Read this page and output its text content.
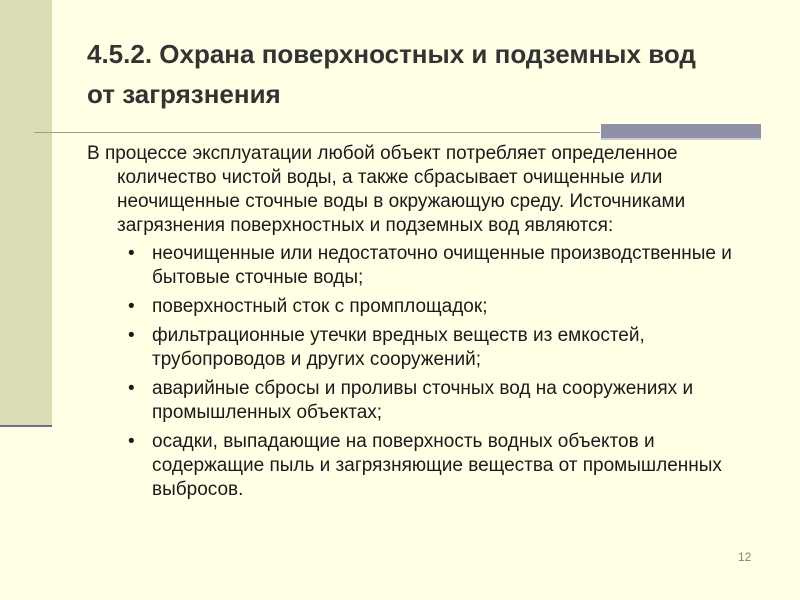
4.5.2. Охрана поверхностных и подземных вод от загрязнения

В процессе эксплуатации любой объект потребляет определенное количество чистой воды, а также сбрасывает очищенные или неочищенные сточные воды в окружающую среду. Источниками загрязнения поверхностных и подземных вод являются:

• неочищенные или недостаточно очищенные производственные и бытовые сточные воды;
• поверхностный сток с промплощадок;
• фильтрационные утечки вредных веществ из емкостей, трубопроводов и других сооружений;
• аварийные сбросы и проливы сточных вод на сооружениях и промышленных объектах;
• осадки, выпадающие на поверхность водных объектов и содержащие пыль и загрязняющие вещества от промышленных выбросов.
12
